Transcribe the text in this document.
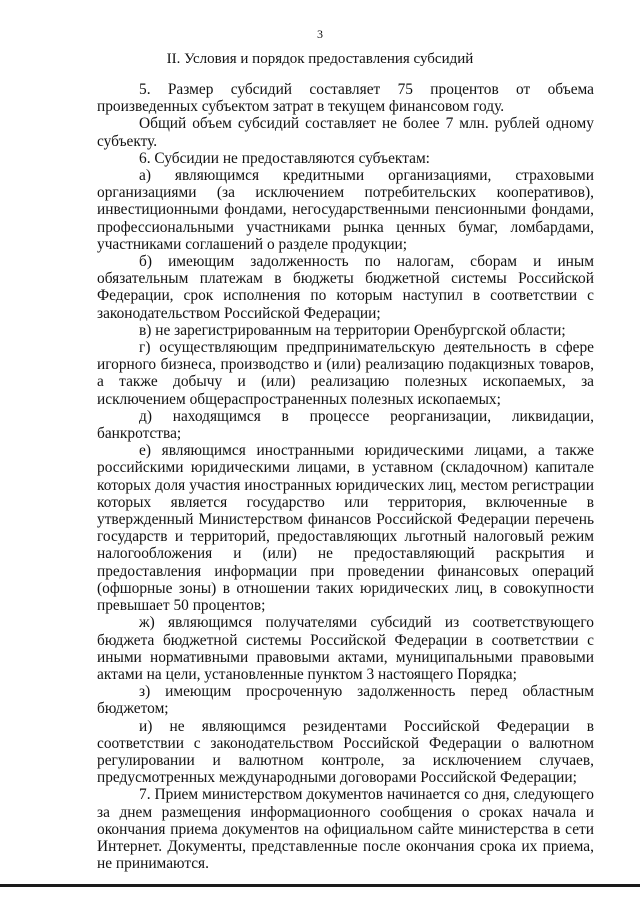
3
II. Условия и порядок предоставления субсидий

5. Размер субсидий составляет 75 процентов от объема произведенных субъектом затрат в текущем финансовом году.

Общий объем субсидий составляет не более 7 млн. рублей одному субъекту.

6. Субсидии не предоставляются субъектам:

а) являющимся кредитными организациями, страховыми организациями (за исключением потребительских кооперативов), инвестиционными фондами, негосударственными пенсионными фондами, профессиональными участниками рынка ценных бумаг, ломбардами, участниками соглашений о разделе продукции;

б) имеющим задолженность по налогам, сборам и иным обязательным платежам в бюджеты бюджетной системы Российской Федерации, срок исполнения по которым наступил в соответствии с законодательством Российской Федерации;

в) не зарегистрированным на территории Оренбургской области;

г) осуществляющим предпринимательскую деятельность в сфере игорного бизнеса, производство и (или) реализацию подакцизных товаров, а также добычу и (или) реализацию полезных ископаемых, за исключением общераспространенных полезных ископаемых;

д) находящимся в процессе реорганизации, ликвидации, банкротства;

е) являющимся иностранными юридическими лицами, а также российскими юридическими лицами, в уставном (складочном) капитале которых доля участия иностранных юридических лиц, местом регистрации которых является государство или территория, включенные в утвержденный Министерством финансов Российской Федерации перечень государств и территорий, предоставляющих льготный налоговый режим налогообложения и (или) не предоставляющий раскрытия и предоставления информации при проведении финансовых операций (офшорные зоны) в отношении таких юридических лиц, в совокупности превышает 50 процентов;

ж) являющимся получателями субсидий из соответствующего бюджета бюджетной системы Российской Федерации в соответствии с иными нормативными правовыми актами, муниципальными правовыми актами на цели, установленные пунктом 3 настоящего Порядка;

з) имеющим просроченную задолженность перед областным бюджетом;

и) не являющимся резидентами Российской Федерации в соответствии с законодательством Российской Федерации о валютном регулировании и валютном контроле, за исключением случаев, предусмотренных международными договорами Российской Федерации;

7. Прием министерством документов начинается со дня, следующего за днем размещения информационного сообщения о сроках начала и окончания приема документов на официальном сайте министерства в сети Интернет. Документы, представленные после окончания срока их приема, не принимаются.
